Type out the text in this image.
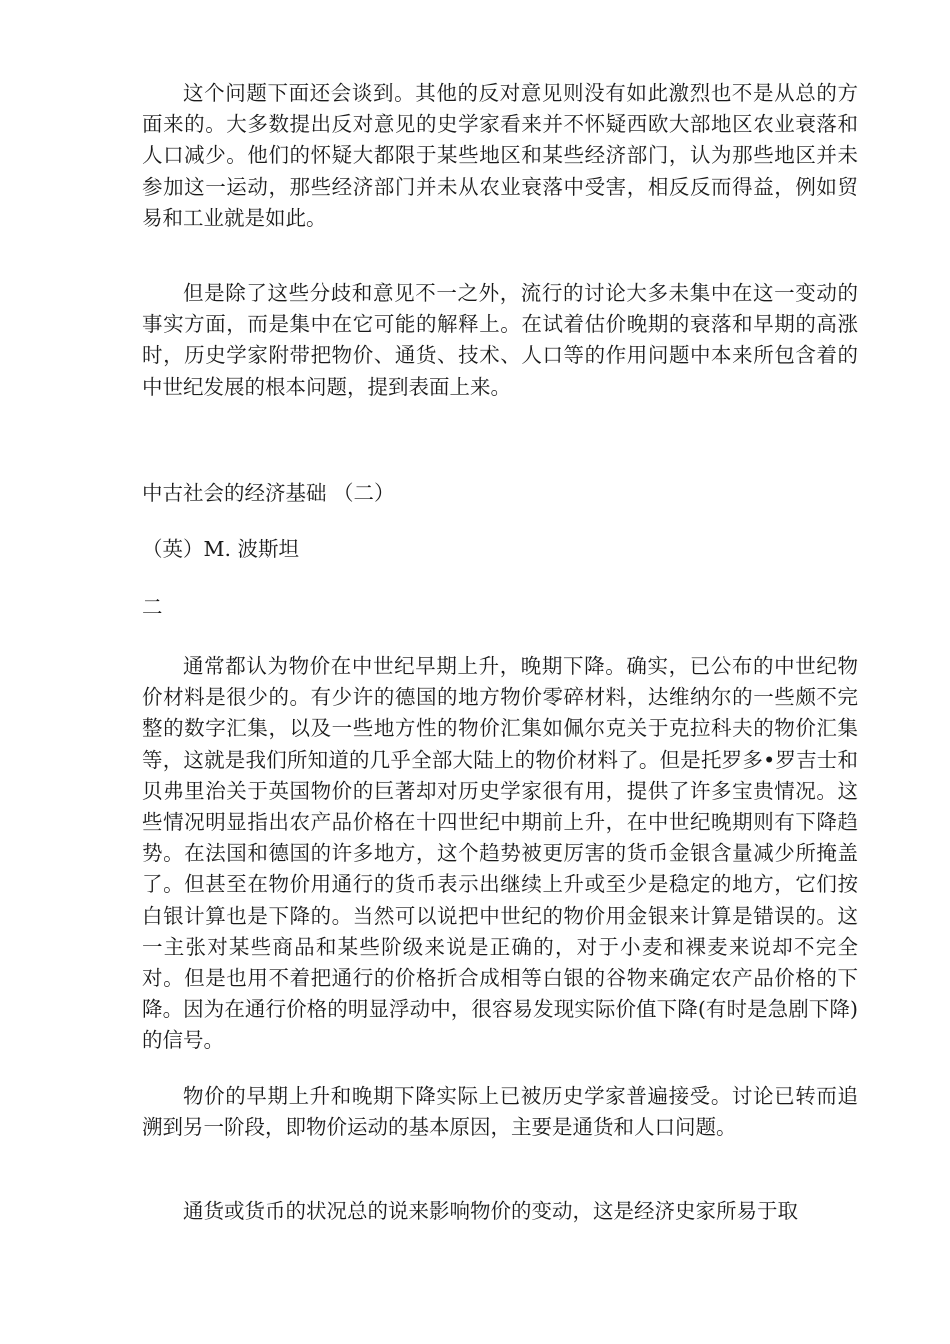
这个问题下面还会谈到。其他的反对意见则没有如此激烈也不是从总的方面来的。大多数提出反对意见的史学家看来并不怀疑西欧大部地区农业衰落和人口减少。他们的怀疑大都限于某些地区和某些经济部门，认为那些地区并未参加这一运动，那些经济部门并未从农业衰落中受害，相反反而得益，例如贸易和工业就是如此。

但是除了这些分歧和意见不一之外，流行的讨论大多未集中在这一变动的事实方面，而是集中在它可能的解释上。在试着估价晚期的衰落和早期的高涨时，历史学家附带把物价、通货、技术、人口等的作用问题中本来所包含着的中世纪发展的根本问题，提到表面上来。

中古社会的经济基础 （二）

（英）M. 波斯坦

二

通常都认为物价在中世纪早期上升，晚期下降。确实，已公布的中世纪物价材料是很少的。有少许的德国的地方物价零碎材料，达维纳尔的一些颇不完整的数字汇集，以及一些地方性的物价汇集如佩尔克关于克拉科夫的物价汇集等，这就是我们所知道的几乎全部大陆上的物价材料了。但是托罗多•罗吉士和贝弗里治关于英国物价的巨著却对历史学家很有用，提供了许多宝贵情况。这些情况明显指出农产品价格在十四世纪中期前上升，在中世纪晚期则有下降趋势。在法国和德国的许多地方，这个趋势被更厉害的货币金银含量减少所掩盖了。但甚至在物价用通行的货币表示出继续上升或至少是稳定的地方，它们按白银计算也是下降的。当然可以说把中世纪的物价用金银来计算是错误的。这一主张对某些商品和某些阶级来说是正确的，对于小麦和裸麦来说却不完全对。但是也用不着把通行的价格折合成相等白银的谷物来确定农产品价格的下降。因为在通行价格的明显浮动中，很容易发现实际价值下降(有时是急剧下降)的信号。

物价的早期上升和晚期下降实际上已被历史学家普遍接受。讨论已转而追溯到另一阶段，即物价运动的基本原因，主要是通货和人口问题。

通货或货币的状况总的说来影响物价的变动，这是经济史家所易于取
